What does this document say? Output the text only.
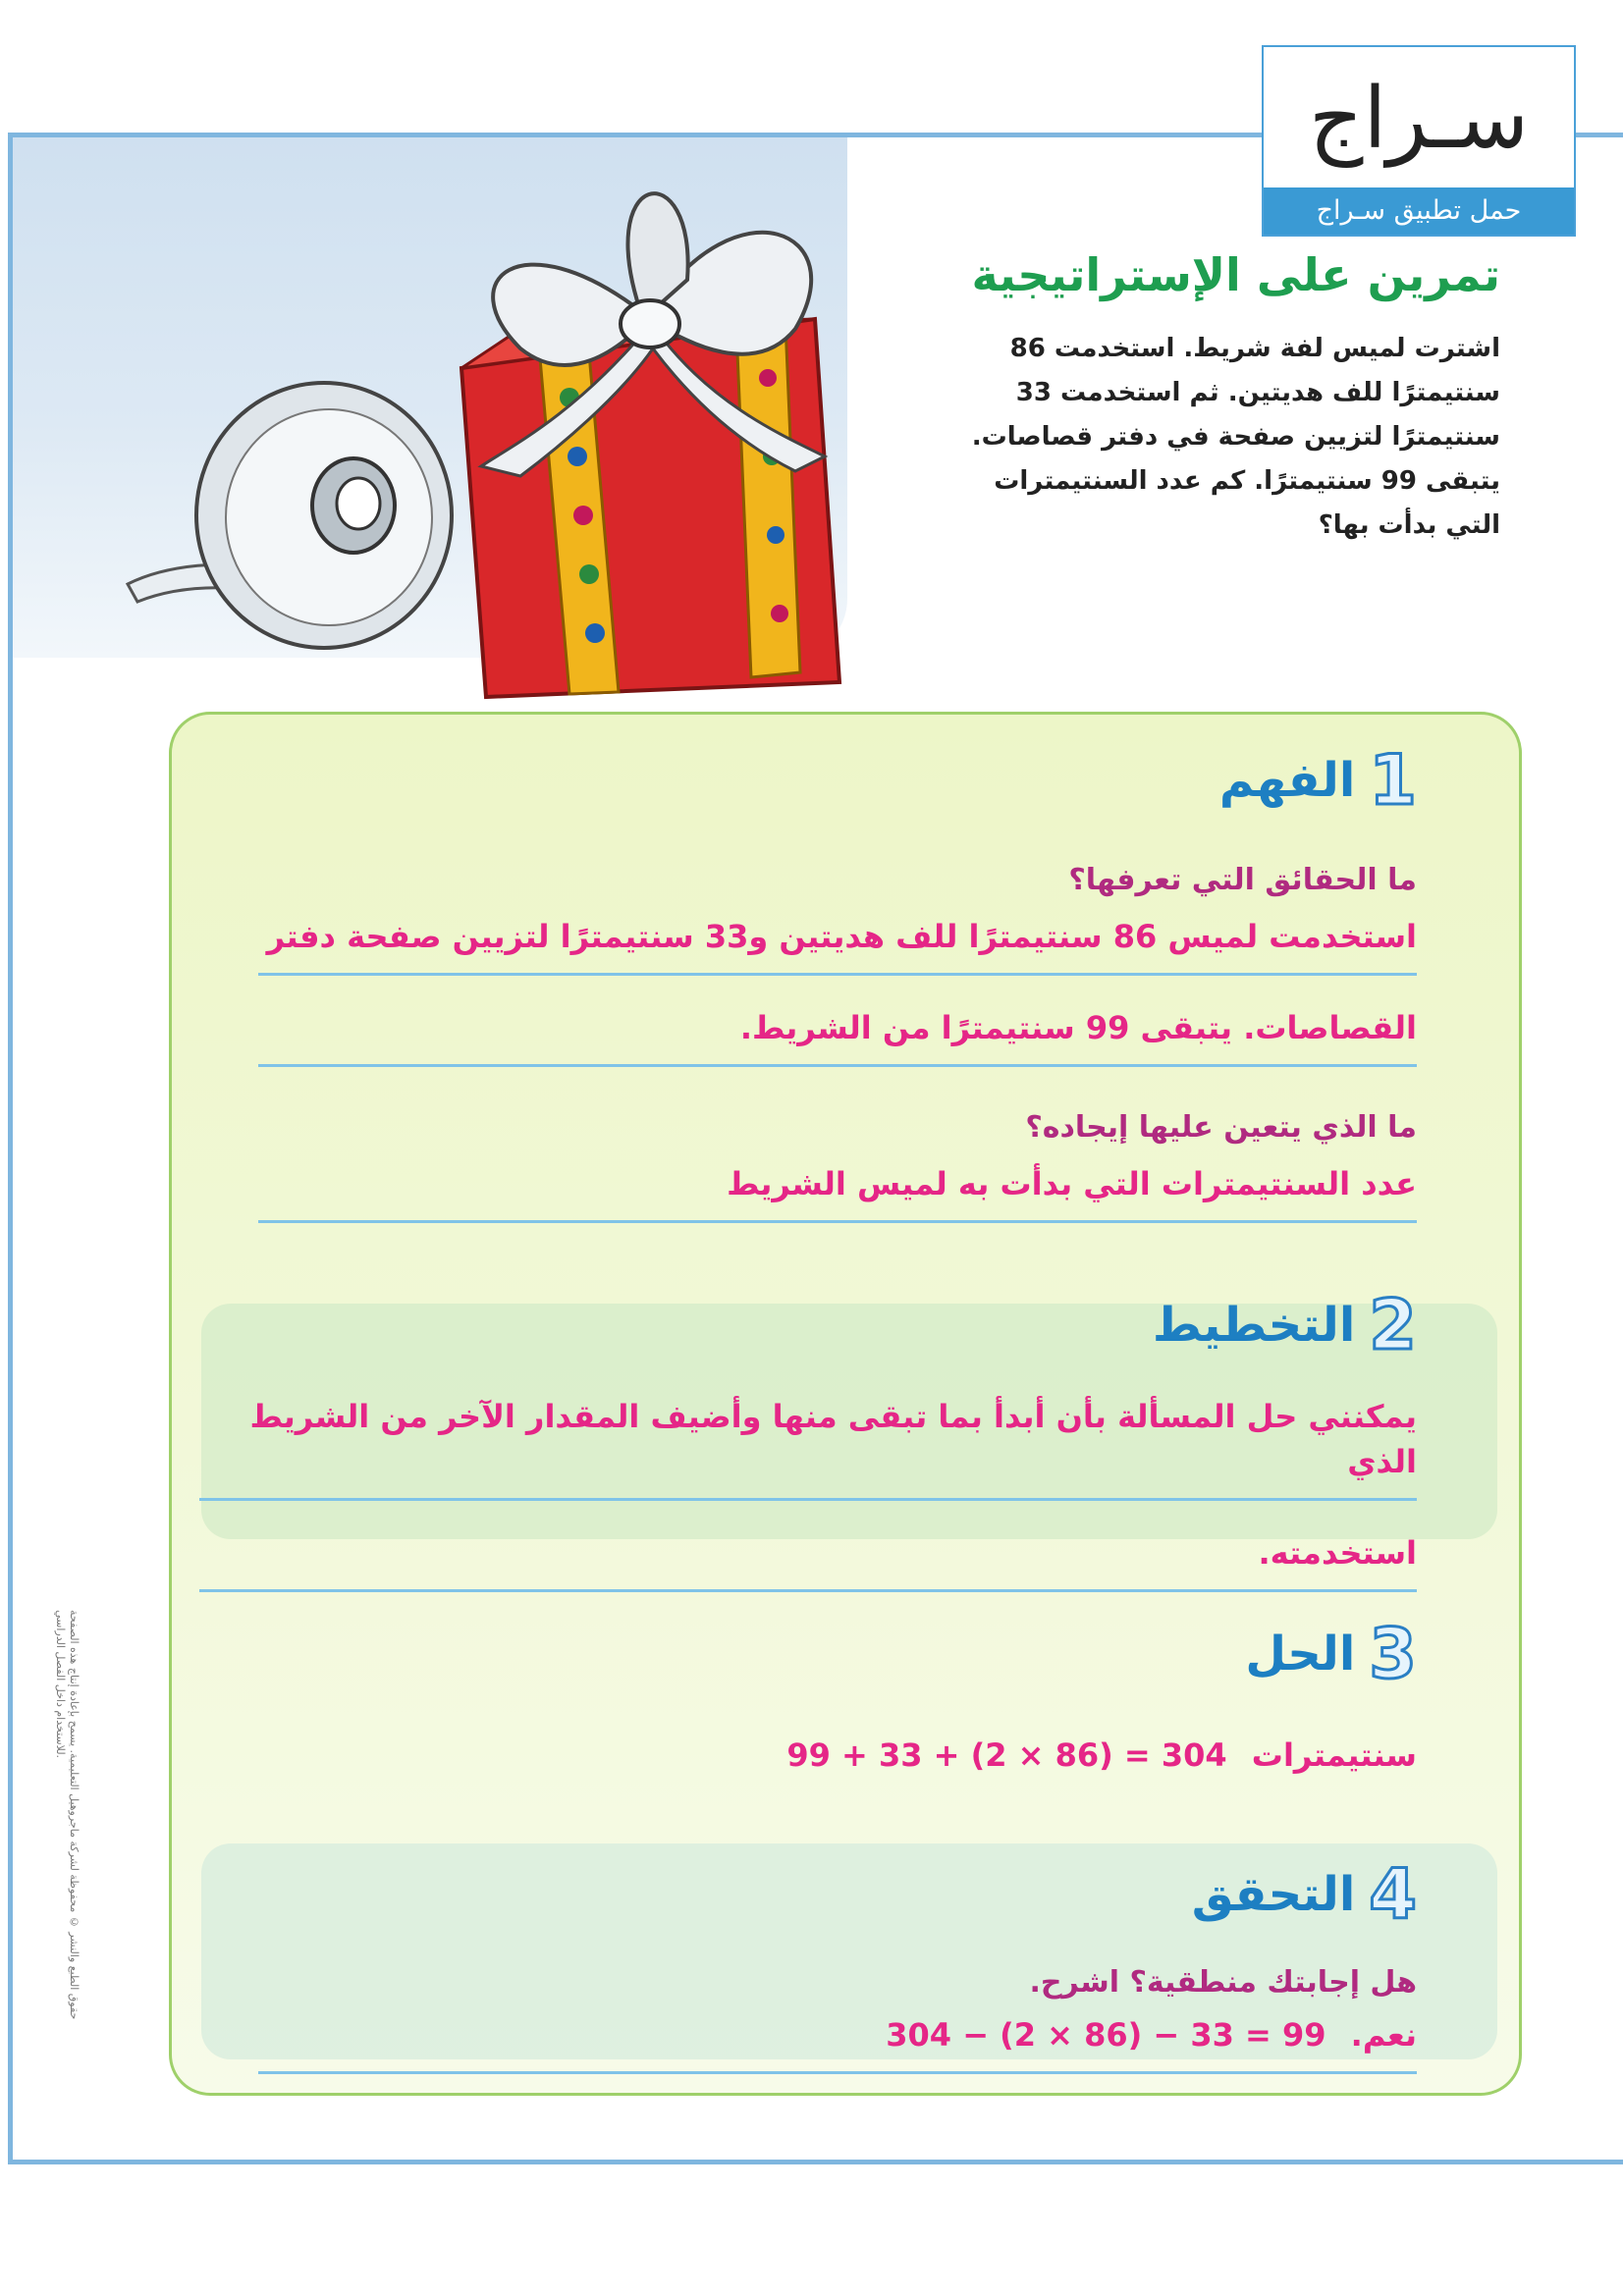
سـراج
حمل تطبيق سـراج
تمرين على الإستراتيجية

اشترت لميس لفة شريط. استخدمت 86 سنتيمترًا للف هديتين. ثم استخدمت 33 سنتيمترًا لتزيين صفحة في دفتر قصاصات. يتبقى 99 سنتيمترًا. كم عدد السنتيمترات التي بدأت بها؟

1
الفهم

ما الحقائق التي تعرفها؟

استخدمت لميس 86 سنتيمترًا للف هديتين و33 سنتيمترًا لتزيين صفحة دفتر

القصاصات. يتبقى 99 سنتيمترًا من الشريط.

ما الذي يتعين عليها إيجاده؟

عدد السنتيمترات التي بدأت به لميس الشريط

2
التخطيط

يمكنني حل المسألة بأن أبدأ بما تبقى منها وأضيف المقدار الآخر من الشريط الذي

استخدمته.

3
الحل

سنتيمترات 99 + 33 + (2 × 86) = 304

4
التحقق

هل إجابتك منطقية؟ اشرح.

نعم. 304 − (2 × 86) − 33 = 99

حقوق الطبع والنشر © محفوظة لشركة ماجروهيل التعليمية. يسمح بإعادة إنتاج هذه الصفحة للاستخدام داخل الفصل الدراسي.
